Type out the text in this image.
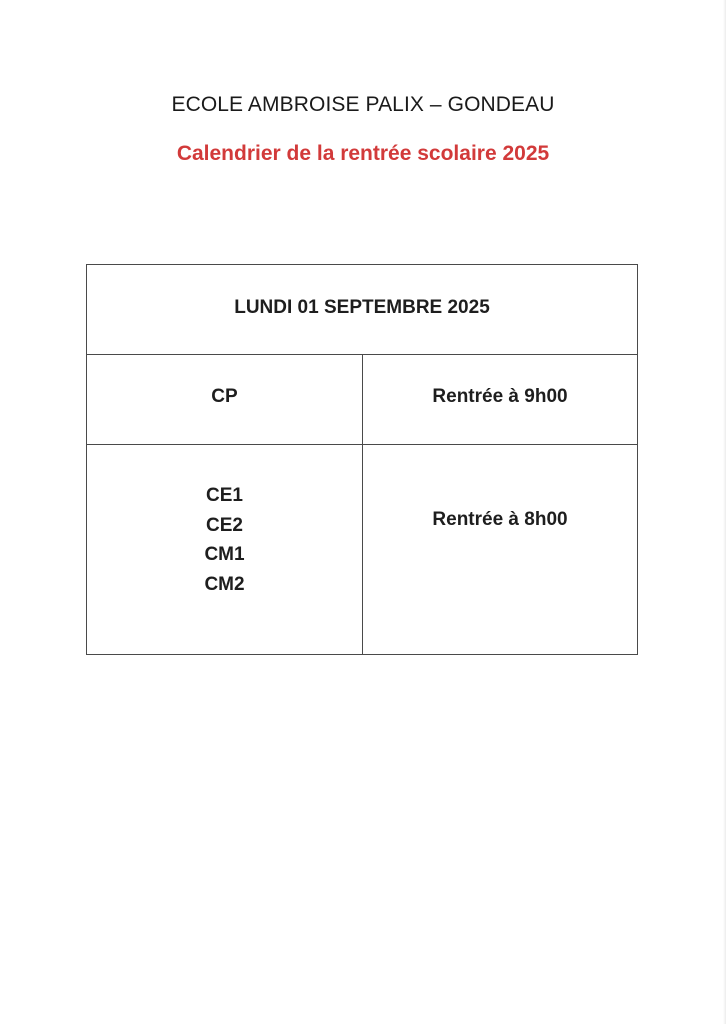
ECOLE AMBROISE PALIX – GONDEAU
Calendrier de la rentrée scolaire 2025
LUNDI 01 SEPTEMBRE 2025
CP	Rentrée à 9h00
CE1
CE2
CM1
CM2
Rentrée à 8h00
